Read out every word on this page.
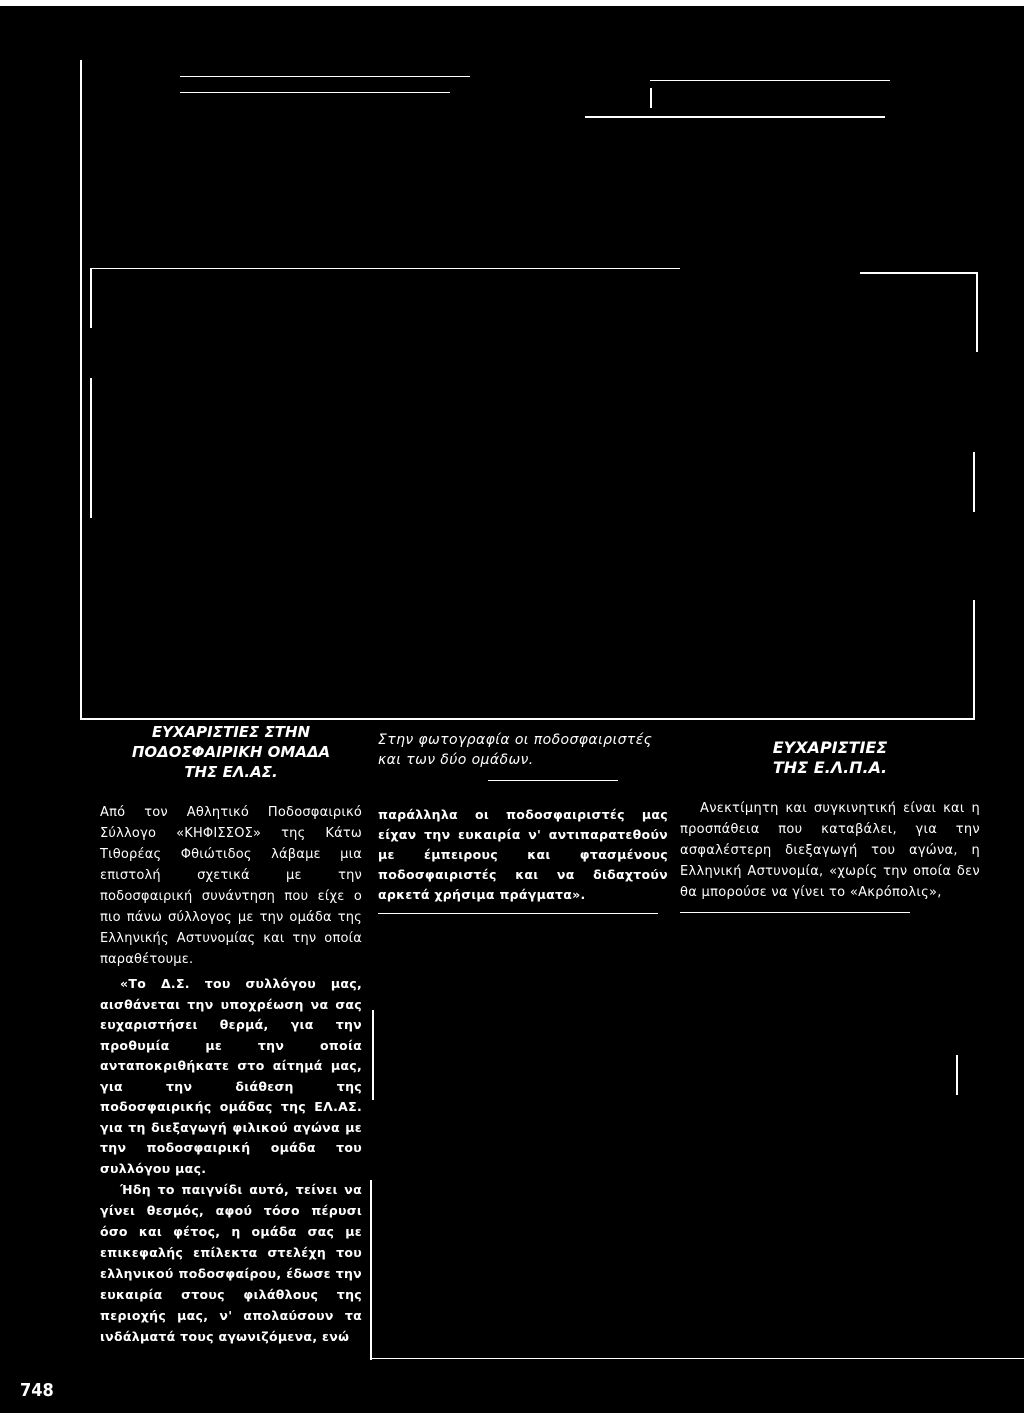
ΕΥΧΑΡΙΣΤΙΕΣ ΣΤΗΝ
ΠΟΔΟΣΦΑΙΡΙΚΗ ΟΜΑΔΑ
ΤΗΣ ΕΛ.ΑΣ.

Από τον Αθλητικό Ποδοσφαιρικό Σύλλογο «ΚΗΦΙΣΣΟΣ» της Κάτω Τιθορέας Φθιώτιδος λάβαμε μια επιστολή σχετικά με την ποδοσφαιρική συνάντηση που είχε ο πιο πάνω σύλλογος με την ομάδα της Ελληνικής Αστυνομίας και την οποία παραθέτουμε.

«Το Δ.Σ. του συλλόγου μας, αισθάνεται την υποχρέωση να σας ευχαριστήσει θερμά, για την προθυμία με την οποία ανταποκριθήκατε στο αίτημά μας, για την διάθεση της ποδοσφαιρικής ομάδας της ΕΛ.ΑΣ. για τη διεξαγωγή φιλικού αγώνα με την ποδοσφαιρική ομάδα του συλλόγου μας.

Ήδη το παιγνίδι αυτό, τείνει να γίνει θεσμός, αφού τόσο πέρυσι όσο και φέτος, η ομάδα σας με επικεφαλής επίλεκτα στελέχη του ελληνικού ποδοσφαίρου, έδωσε την ευκαιρία στους φιλάθλους της περιοχής μας, ν' απολαύσουν τα ινδάλματά τους αγωνιζόμενα, ενώ

Στην φωτογραφία οι ποδοσφαιριστές και των δύο ομάδων.
παράλληλα οι ποδοσφαιριστές μας είχαν την ευκαιρία ν' αντιπαρατεθούν με έμπειρους και φτασμένους ποδοσφαιριστές και να διδαχτούν αρκετά χρήσιμα πράγματα».
ΕΥΧΑΡΙΣΤΙΕΣ
ΤΗΣ Ε.Λ.Π.Α.

Ανεκτίμητη και συγκινητική είναι και η προσπάθεια που καταβάλει, για την ασφαλέστερη διεξαγωγή του αγώνα, η Ελληνική Αστυνομία, «χωρίς την οποία δεν θα μπορούσε να γίνει το «Ακρόπολις»,

748
